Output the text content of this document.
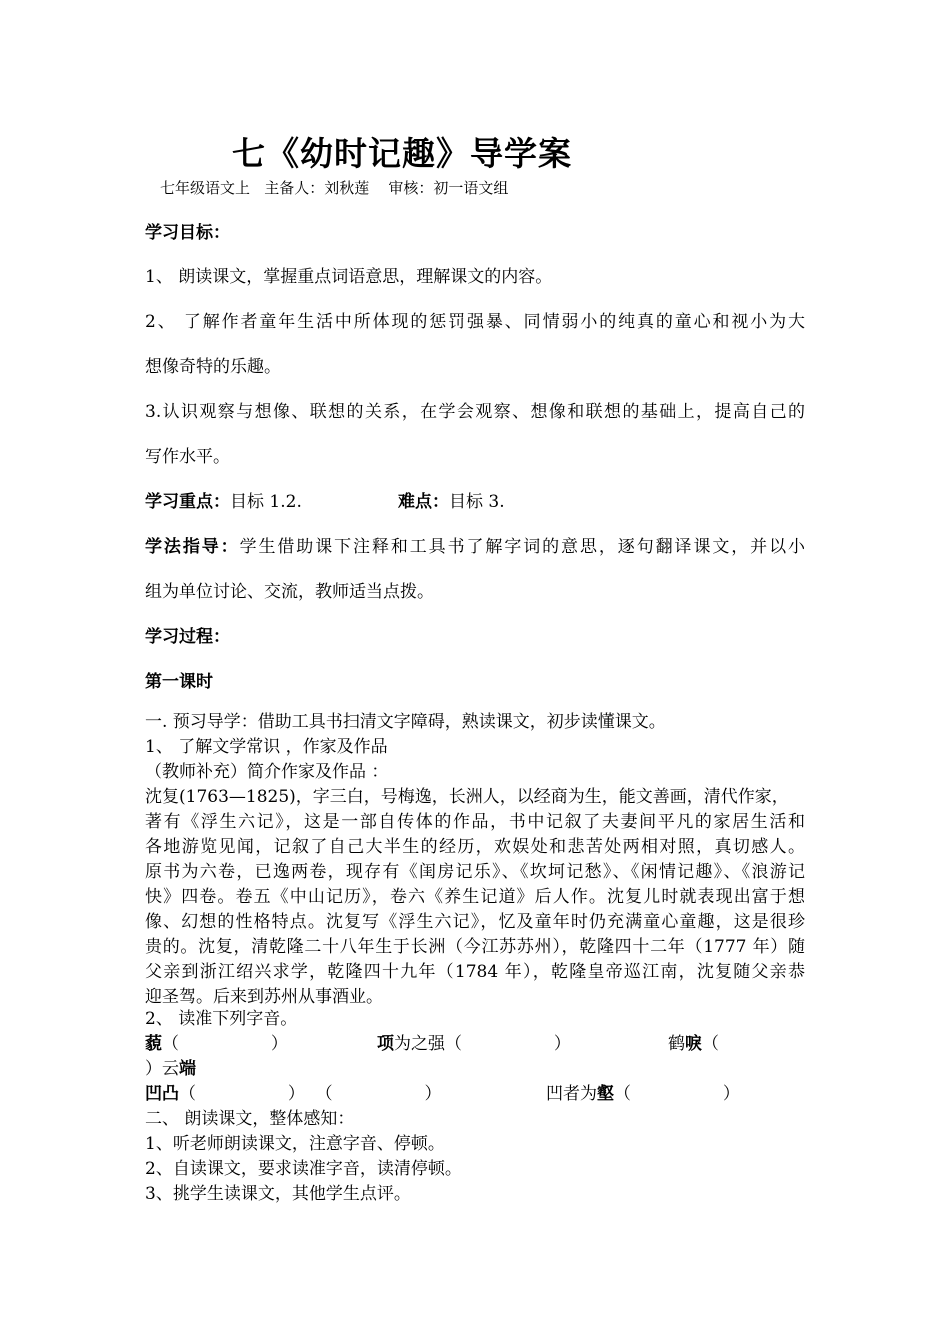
七《幼时记趣》导学案
七年级语文上   主备人：刘秋莲    审核：初一语文组
学习目标：
1、 朗读课文，掌握重点词语意思，理解课文的内容。
2、 了解作者童年生活中所体现的惩罚强暴、同情弱小的纯真的童心和视小为大
想像奇特的乐趣。
3.认识观察与想像、联想的关系，在学会观察、想像和联想的基础上，提高自己的
写作水平。
学习重点：目标 1.2.	难点：目标 3.
学法指导：学生借助课下注释和工具书了解字词的意思，逐句翻译课文，并以小
组为单位讨论、交流，教师适当点拨。
学习过程：
第一课时
一. 预习导学：借助工具书扫清文字障碍，熟读课文，初步读懂课文。
1、 了解文学常识 ，作家及作品
（教师补充）简介作家及作品 ：
沈复(1763—1825)，字三白，号梅逸，长洲人，以经商为生，能文善画，清代作家，
著有《浮生六记》，这是一部自传体的作品，书中记叙了夫妻间平凡的家居生活和
各地游览见闻，记叙了自己大半生的经历，欢娱处和悲苦处两相对照，真切感人。
原书为六卷，已逸两卷，现存有《闺房记乐》、《坎坷记愁》、《闲情记趣》、《浪游记
快》四卷。卷五《中山记历》，卷六《养生记道》后人作。沈复儿时就表现出富于想
像、幻想的性格特点。沈复写《浮生六记》，忆及童年时仍充满童心童趣，这是很珍
贵的。沈复，清乾隆二十八年生于长洲（今江苏苏州），乾隆四十二年（1777 年）随
父亲到浙江绍兴求学，乾隆四十九年（1784 年），乾隆皇帝巡江南，沈复随父亲恭
迎圣驾。后来到苏州从事酒业。
2、 读准下列字音。
藐（                 ）	项为之强（                 ）	鹤唳（
）云端
凹凸（                 ）  （                 ）	凹者为壑（                 ）
二、 朗读课文，整体感知：
1、听老师朗读课文，注意字音、停顿。
2、自读课文，要求读准字音，读清停顿。
3、挑学生读课文，其他学生点评。
